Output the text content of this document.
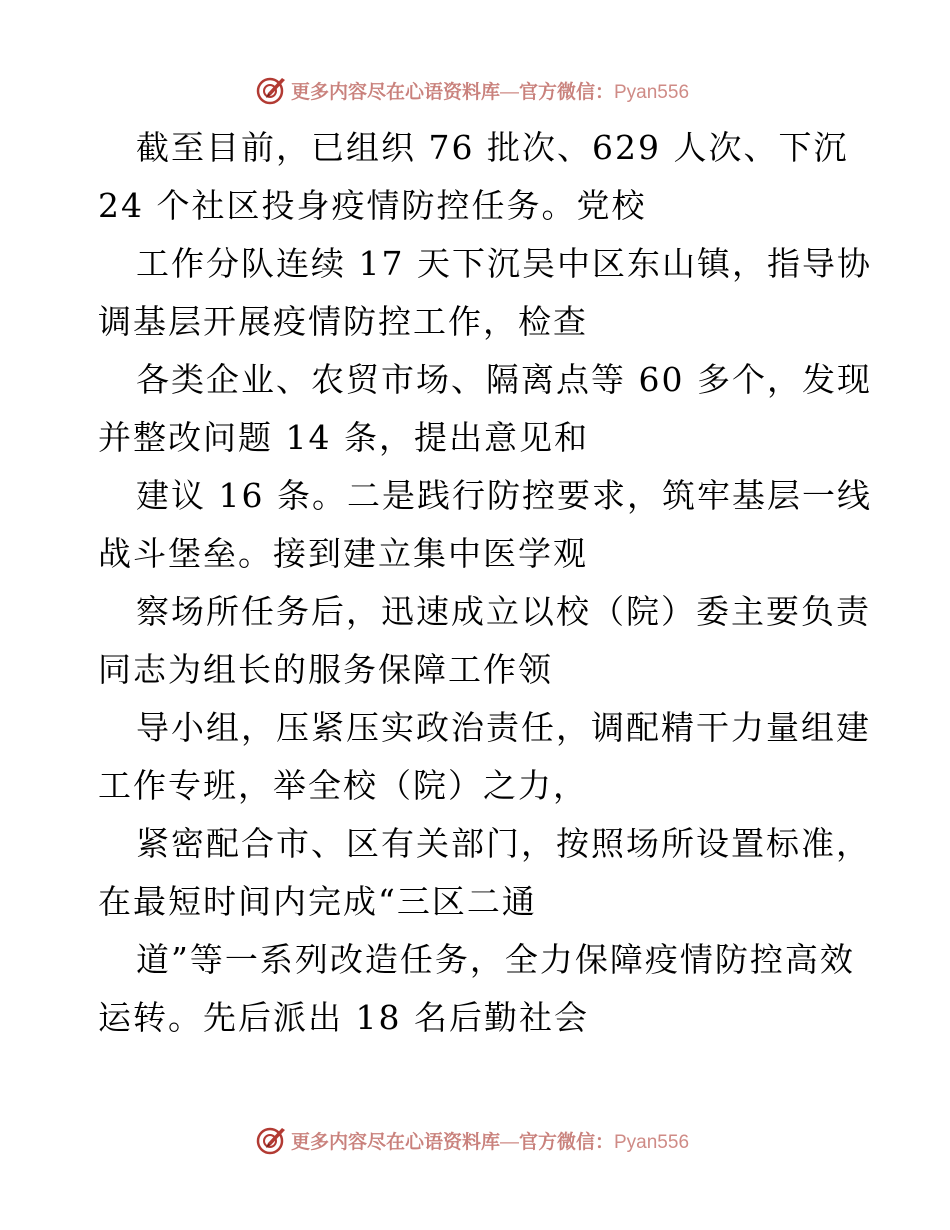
更多内容尽在心语资料库—官方微信：Pyan556
截至目前，已组织 76 批次、629 人次、下沉
24 个社区投身疫情防控任务。党校
工作分队连续 17 天下沉吴中区东山镇，指导协
调基层开展疫情防控工作，检查
各类企业、农贸市场、隔离点等 60 多个，发现
并整改问题 14 条，提出意见和
建议 16 条。二是践行防控要求，筑牢基层一线
战斗堡垒。接到建立集中医学观
察场所任务后，迅速成立以校（院）委主要负责
同志为组长的服务保障工作领
导小组，压紧压实政治责任，调配精干力量组建
工作专班，举全校（院）之力，
紧密配合市、区有关部门，按照场所设置标准，
在最短时间内完成“三区二通
道”等一系列改造任务，全力保障疫情防控高效
运转。先后派出 18 名后勤社会
更多内容尽在心语资料库—官方微信：Pyan556
